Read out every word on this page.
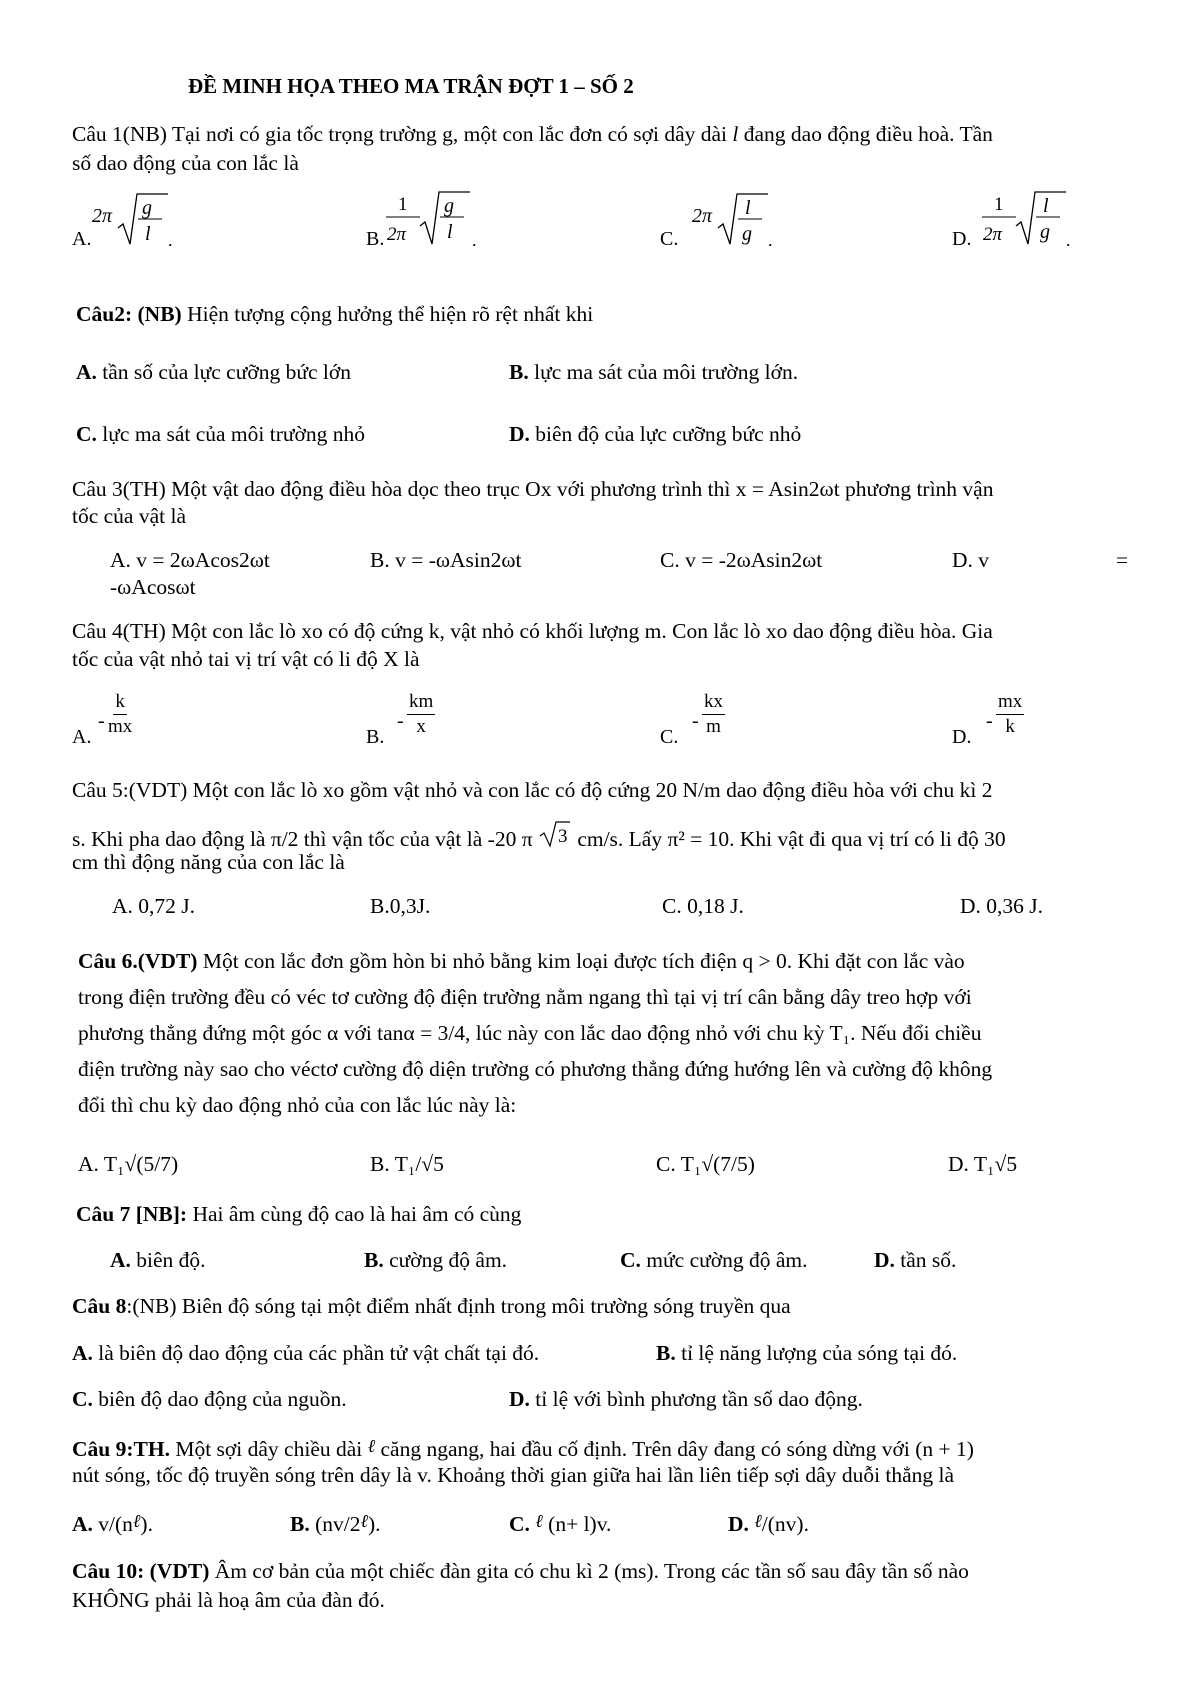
ĐỀ MINH HỌA THEO MA TRẬN ĐỢT 1 – SỐ 2
Câu 1(NB) Tại nơi có gia tốc trọng trường g, một con lắc đơn có sợi dây dài l đang dao động điều hoà. Tần
số dao động của con lắc là
A.
2π g
l .	B.
1
2π
g
l .	C.
2π l
g .	D.
1
2π
l
g .
Câu2: (NB) Hiện tượng cộng hưởng thể hiện rõ rệt nhất khi
A. tần số của lực cưỡng bức lớn	B. lực ma sát của môi trường lớn.
C. lực ma sát của môi trường nhỏ	D. biên độ của lực cưỡng bức nhỏ
Câu 3(TH) Một vật dao động điều hòa dọc theo trục Ox với phương trình thì x = Asin2ωt phương trình vận
tốc của vật là
A. v = 2ωAcos2ωt	B. v = -ωAsin2ωt	C. v = -2ωAsin2ωt	D. v	=
-ωAcosωt
Câu 4(TH) Một con lắc lò xo có độ cứng k, vật nhỏ có khối lượng m. Con lắc lò xo dao động điều hòa. Gia
tốc của vật nhỏ tai vị trí vật có li độ X là
A.
- $\frac{k}{mx}$	B.
- $\frac{km}{x}$	C.
- $\frac{kx}{m}$	D.
- $\frac{mx}{k}$
Câu 5:(VDT) Một con lắc lò xo gồm vật nhỏ và con lắc có độ cứng 20 N/m dao động điều hòa với chu kì 2
s. Khi pha dao động là π/2 thì vận tốc của vật là -20 π 3 cm/s. Lấy π² = 10. Khi vật đi qua vị trí có li độ 30
cm thì động năng của con lắc là
A. 0,72 J.	B.0,3J.	C. 0,18 J.	D. 0,36 J.
Câu 6.(VDT) Một con lắc đơn gồm hòn bi nhỏ bằng kim loại được tích điện q > 0. Khi đặt con lắc vào
trong điện trường đều có véc tơ cường độ điện trường nằm ngang thì tại vị trí cân bằng dây treo hợp với
phương thẳng đứng một góc α với tanα = 3/4, lúc này con lắc dao động nhỏ với chu kỳ T₁. Nếu đổi chiều
điện trường này sao cho véctơ cường độ diện trường có phương thẳng đứng hướng lên và cường độ không
đổi thì chu kỳ dao động nhỏ của con lắc lúc này là:
A. T₁√(5/7)	B. T₁/√5	C. T₁√(7/5)	D. T₁√5
Câu 7 [NB]: Hai âm cùng độ cao là hai âm có cùng
A. biên độ.	B. cường độ âm.	C. mức cường độ âm.	D. tần số.
Câu 8:(NB) Biên độ sóng tại một điểm nhất định trong môi trường sóng truyền qua
A. là biên độ dao động của các phần tử vật chất tại đó.	B. tỉ lệ năng lượng của sóng tại đó.
C. biên độ dao động của nguồn.	D. tỉ lệ với bình phương tần số dao động.
Câu 9:TH. Một sợi dây chiều dài ℓ căng ngang, hai đầu cố định. Trên dây đang có sóng dừng với (n + 1)
nút sóng, tốc độ truyền sóng trên dây là v. Khoảng thời gian giữa hai lần liên tiếp sợi dây duỗi thẳng là
A. v/(nℓ).	B. (nv/2ℓ).	C. ℓ (n+ l)v.	D. ℓ/(nv).
Câu 10: (VDT) Âm cơ bản của một chiếc đàn gita có chu kì 2 (ms). Trong các tần số sau đây tần số nào
KHÔNG phải là hoạ âm của đàn đó.
